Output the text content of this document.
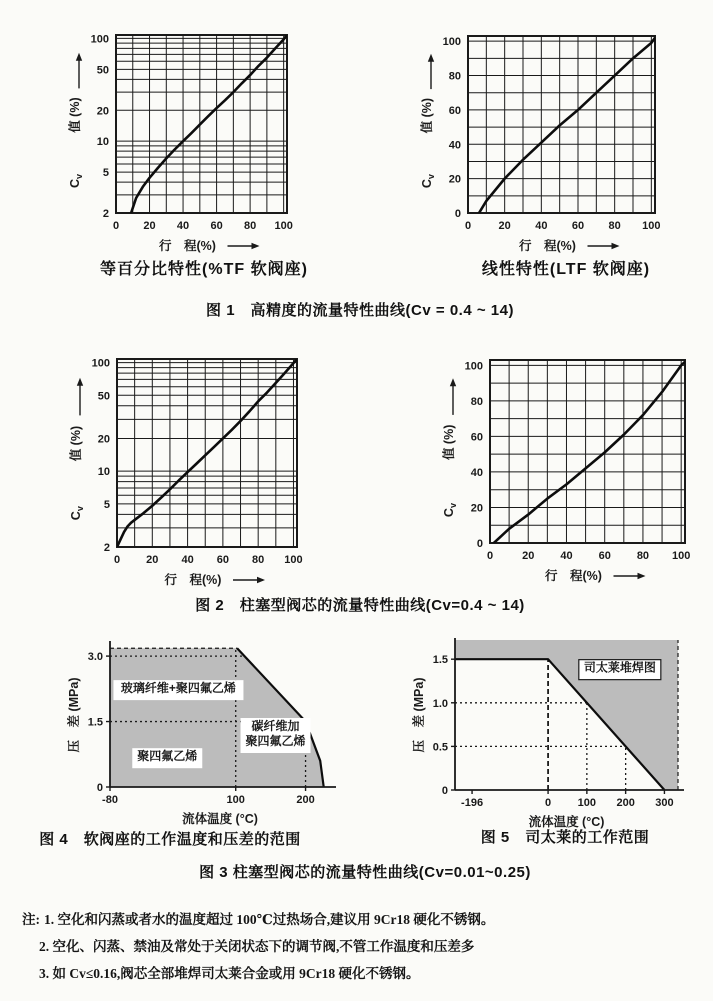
0 20 40 60 80 100
2
5
10
20
50
100
行　程(%)
值 (%)
$C_v$
0 20 40 60 80 100
0
20
40
60
80
100
行　程(%)
值 (%)
$C_v$
0 20 40 60 80 100
2
5
10
20
50
100
行　程(%)
值 (%)
$C_v$
0	20 40 60 80 100
0
20
40
60
80
100
行　程(%)
值 (%)
$C_v$
-80	100	200
0
1.5
3.0
流体温度 (°C)
压　差 (MPa)	玻璃纤维+聚四氟乙烯
碳纤维加聚四氟乙烯
聚四氟乙烯
-196	0 100 200 300
0
0.5
1.0
1.5
流体温度 (°C)
压　差 (MPa)
司太莱堆焊图
等百分比特性(%TF 软阀座)	线性特性(LTF 软阀座)
图 1　高精度的流量特性曲线(Cv = 0.4 ~ 14)
图 2　柱塞型阀芯的流量特性曲线(Cv=0.4 ~ 14)
图 4　软阀座的工作温度和压差的范围	图 5　司太莱的工作范围
图 3 柱塞型阀芯的流量特性曲线(Cv=0.01~0.25)
注: 1. 空化和闪蒸或者水的温度超过 100℃过热场合,建议用 9Cr18 硬化不锈钢。
2. 空化、闪蒸、禁油及常处于关闭状态下的调节阀,不管工作温度和压差多
3. 如 Cv≤0.16,阀芯全部堆焊司太莱合金或用 9Cr18 硬化不锈钢。
